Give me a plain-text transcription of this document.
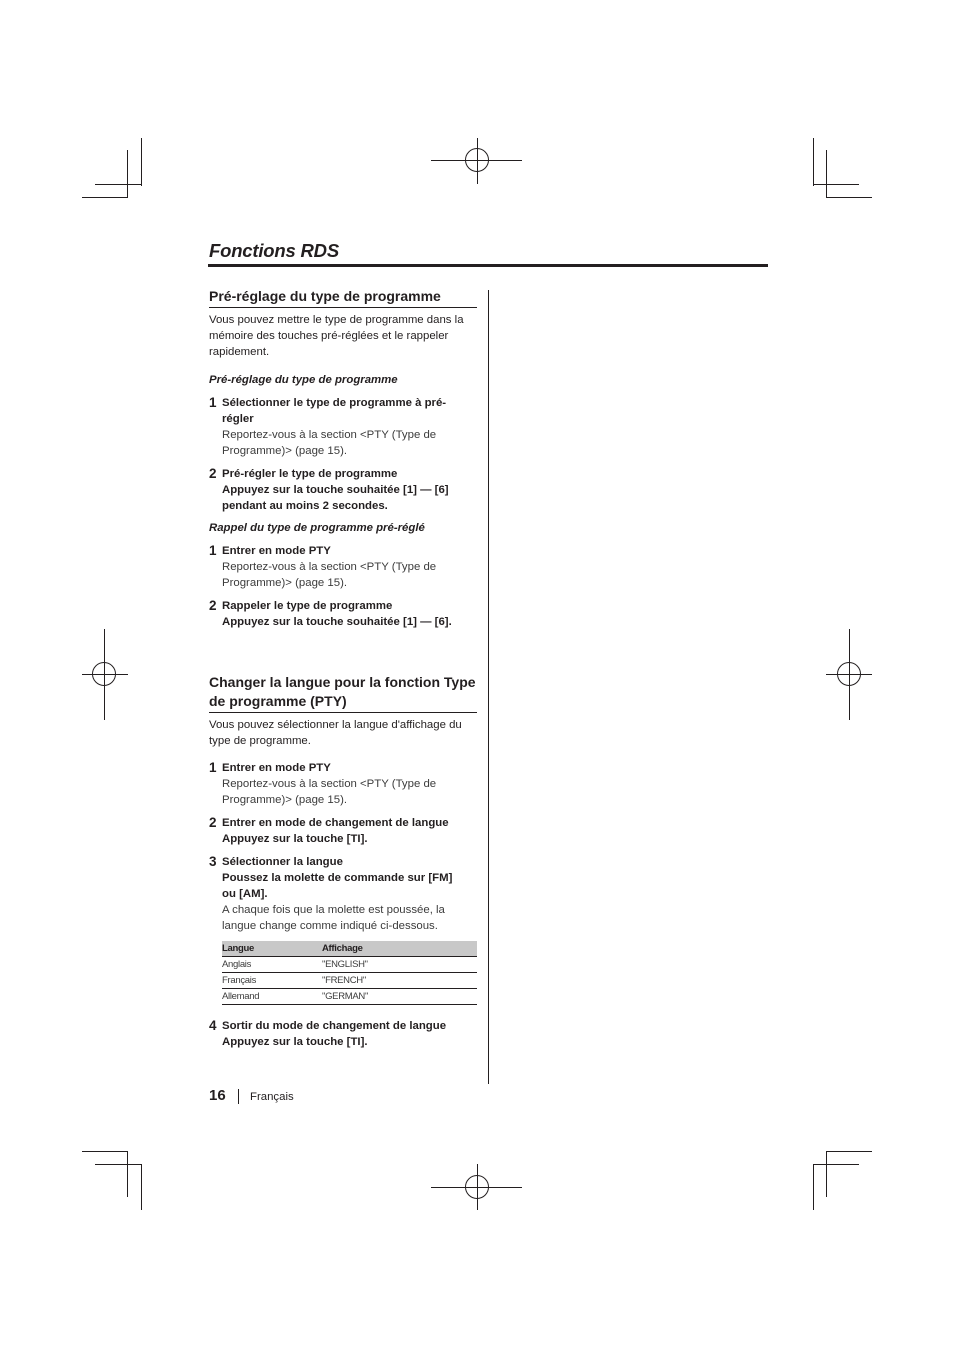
Fonctions RDS
Pré-réglage du type de programme

Vous pouvez mettre le type de programme dans la mémoire des touches pré-réglées et le rappeler rapidement.

Pré-réglage du type de programme
1 Sélectionner le type de programme à pré-
régler
Reportez-vous à la section <PTY (Type de Programme)> (page 15).
2 Pré-régler le type de programme
Appuyez sur la touche souhaitée [1] — [6] pendant au moins 2 secondes.
Rappel du type de programme pré-réglé
1 Entrer en mode PTY
Reportez-vous à la section <PTY (Type de Programme)> (page 15).
2 Rappeler le type de programme
Appuyez sur la touche souhaitée [1] — [6].
Changer la langue pour la fonction Type de programme (PTY)

Vous pouvez sélectionner la langue d'affichage du type de programme.

1 Entrer en mode PTY
Reportez-vous à la section <PTY (Type de Programme)> (page 15).
2 Entrer en mode de changement de langue
Appuyez sur la touche [TI].
3 Sélectionner la langue
Poussez la molette de commande sur [FM] ou [AM].
A chaque fois que la molette est poussée, la langue change comme indiqué ci-dessous.
Langue	Affichage
Anglais	"ENGLISH"
Français	"FRENCH"
Allemand	"GERMAN"
4 Sortir du mode de changement de langue
Appuyez sur la touche [TI].
16 Français
